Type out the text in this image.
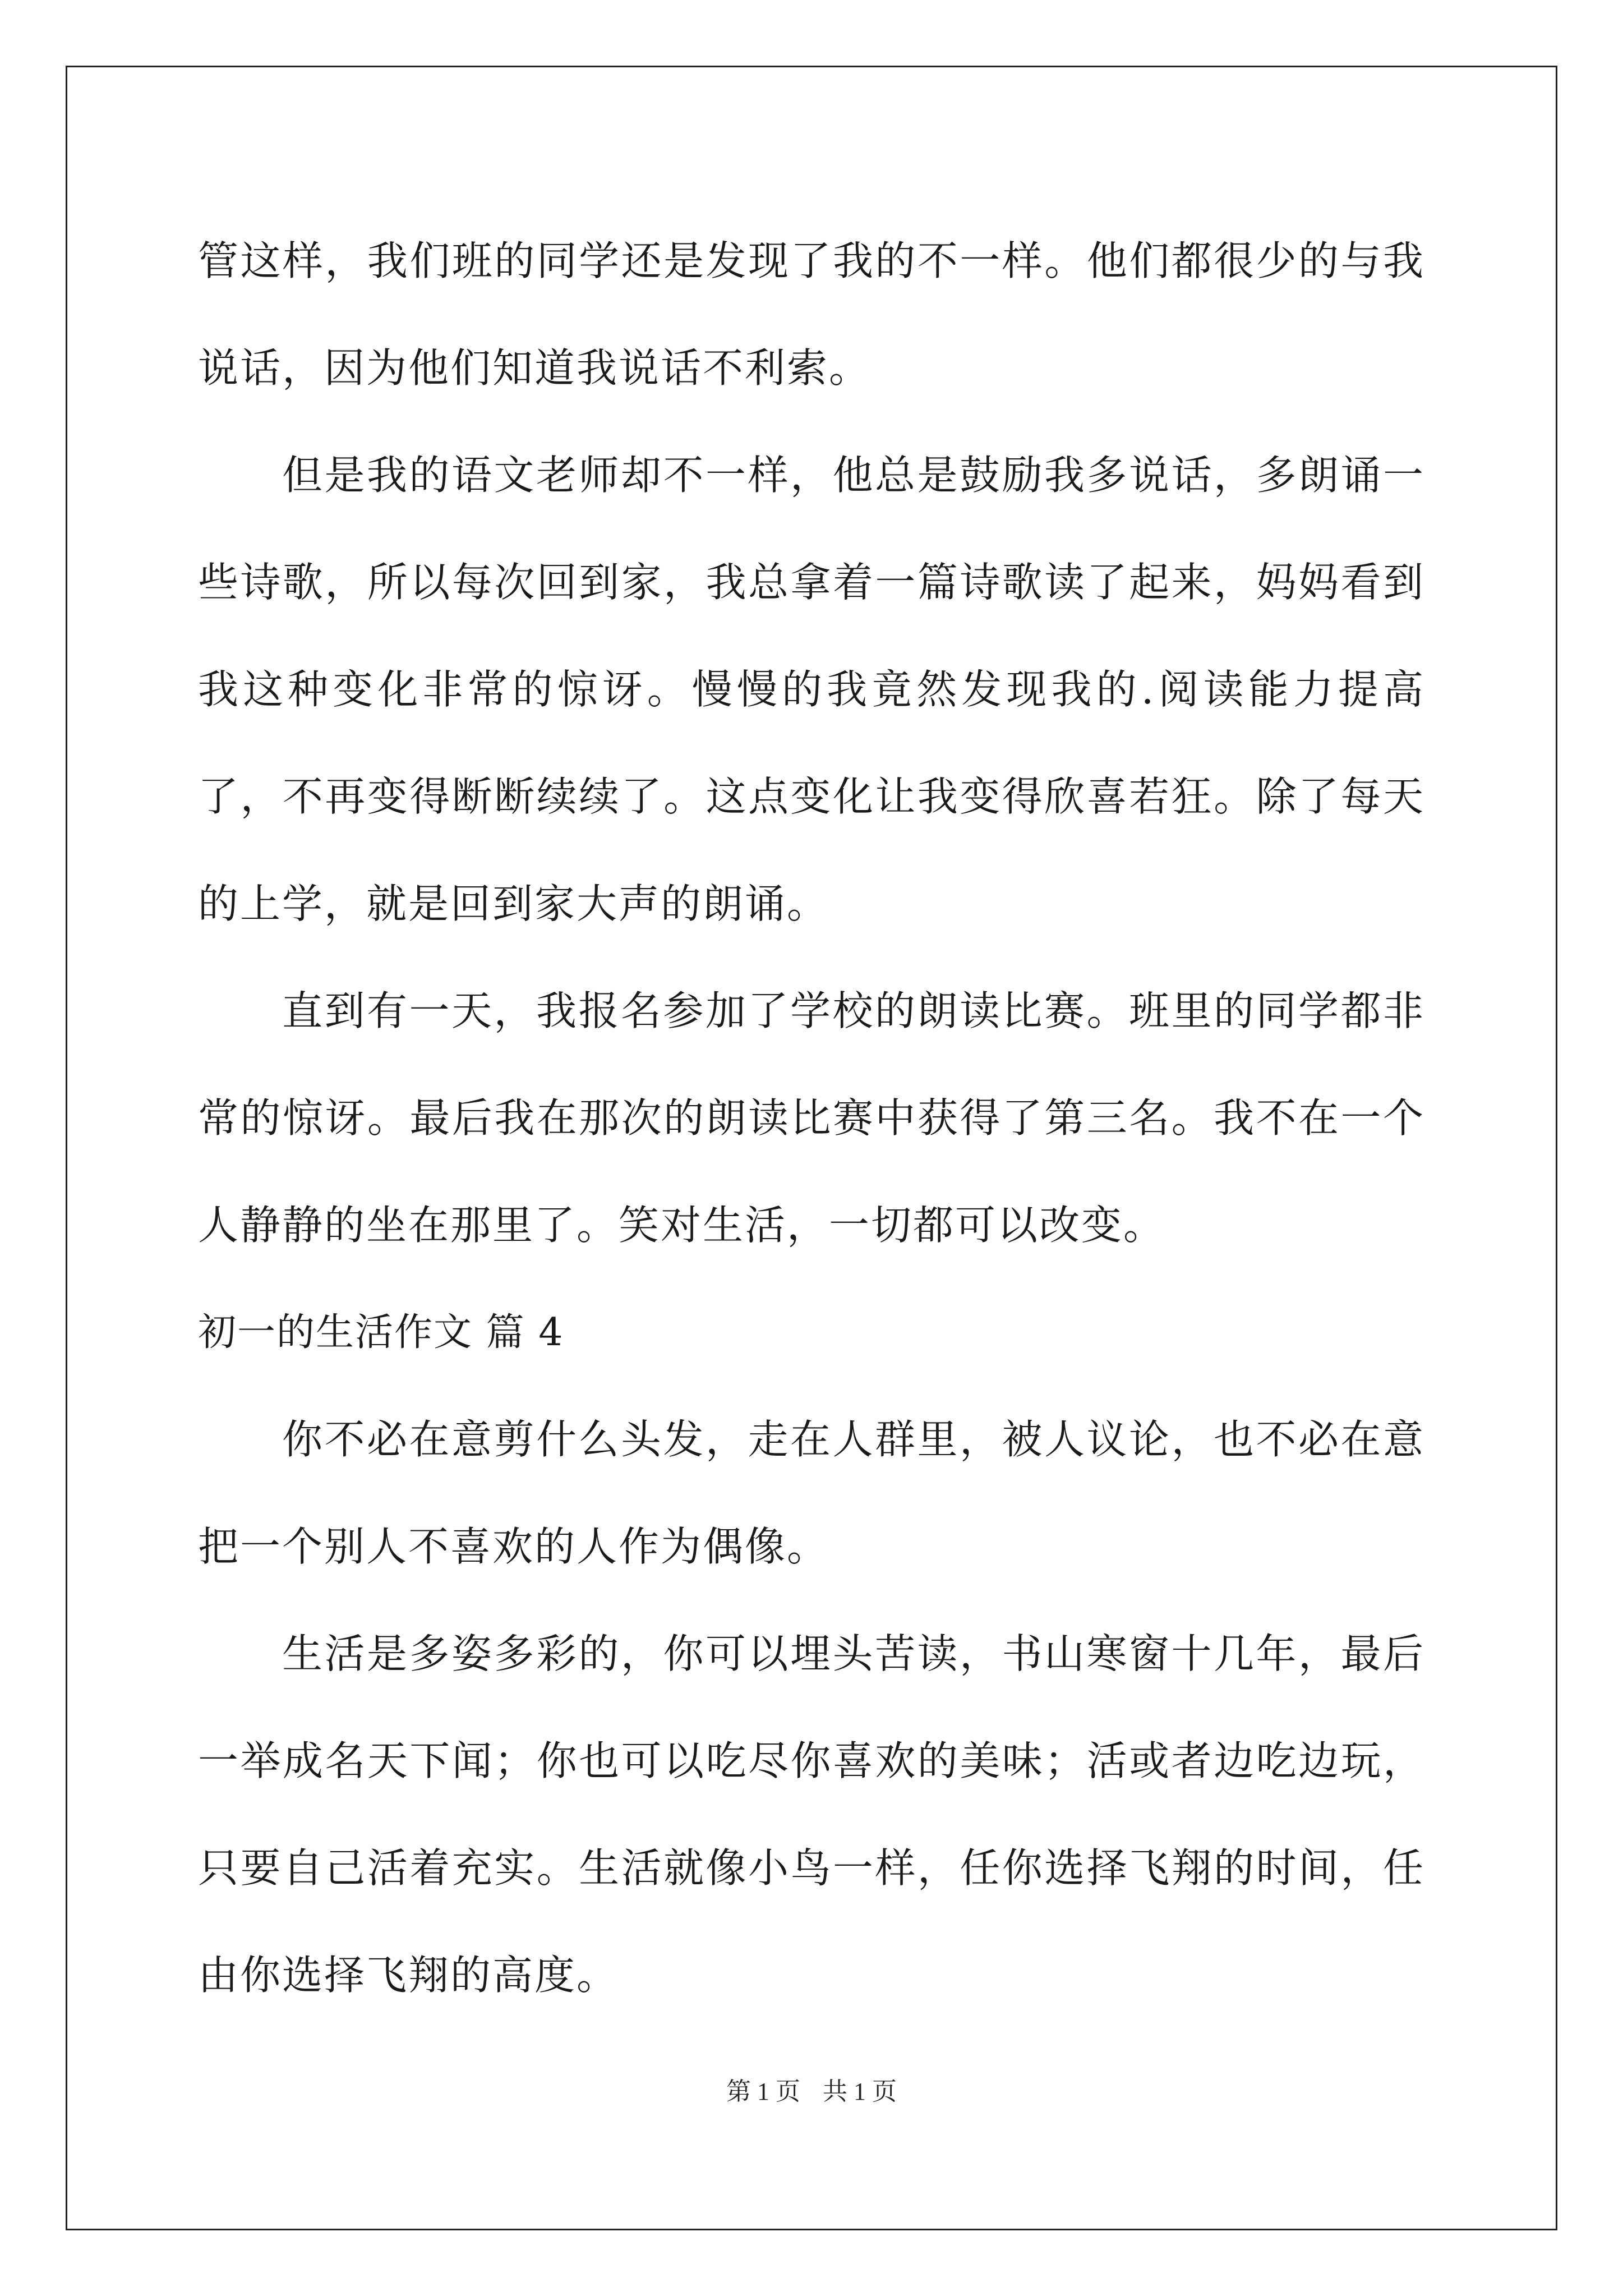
管这样，我们班的同学还是发现了我的不一样。他们都很少的与我说话，因为他们知道我说话不利索。

但是我的语文老师却不一样，他总是鼓励我多说话，多朗诵一些诗歌，所以每次回到家，我总拿着一篇诗歌读了起来，妈妈看到我这种变化非常的惊讶。慢慢的我竟然发现我的.阅读能力提高了，不再变得断断续续了。这点变化让我变得欣喜若狂。除了每天的上学，就是回到家大声的朗诵。

直到有一天，我报名参加了学校的朗读比赛。班里的同学都非常的惊讶。最后我在那次的朗读比赛中获得了第三名。我不在一个人静静的坐在那里了。笑对生活，一切都可以改变。

初一的生活作文 篇 4

你不必在意剪什么头发，走在人群里，被人议论，也不必在意把一个别人不喜欢的人作为偶像。

生活是多姿多彩的，你可以埋头苦读，书山寒窗十几年，最后一举成名天下闻；你也可以吃尽你喜欢的美味；活或者边吃边玩，只要自己活着充实。生活就像小鸟一样，任你选择飞翔的时间，任由你选择飞翔的高度。

第 1 页 共 1 页
